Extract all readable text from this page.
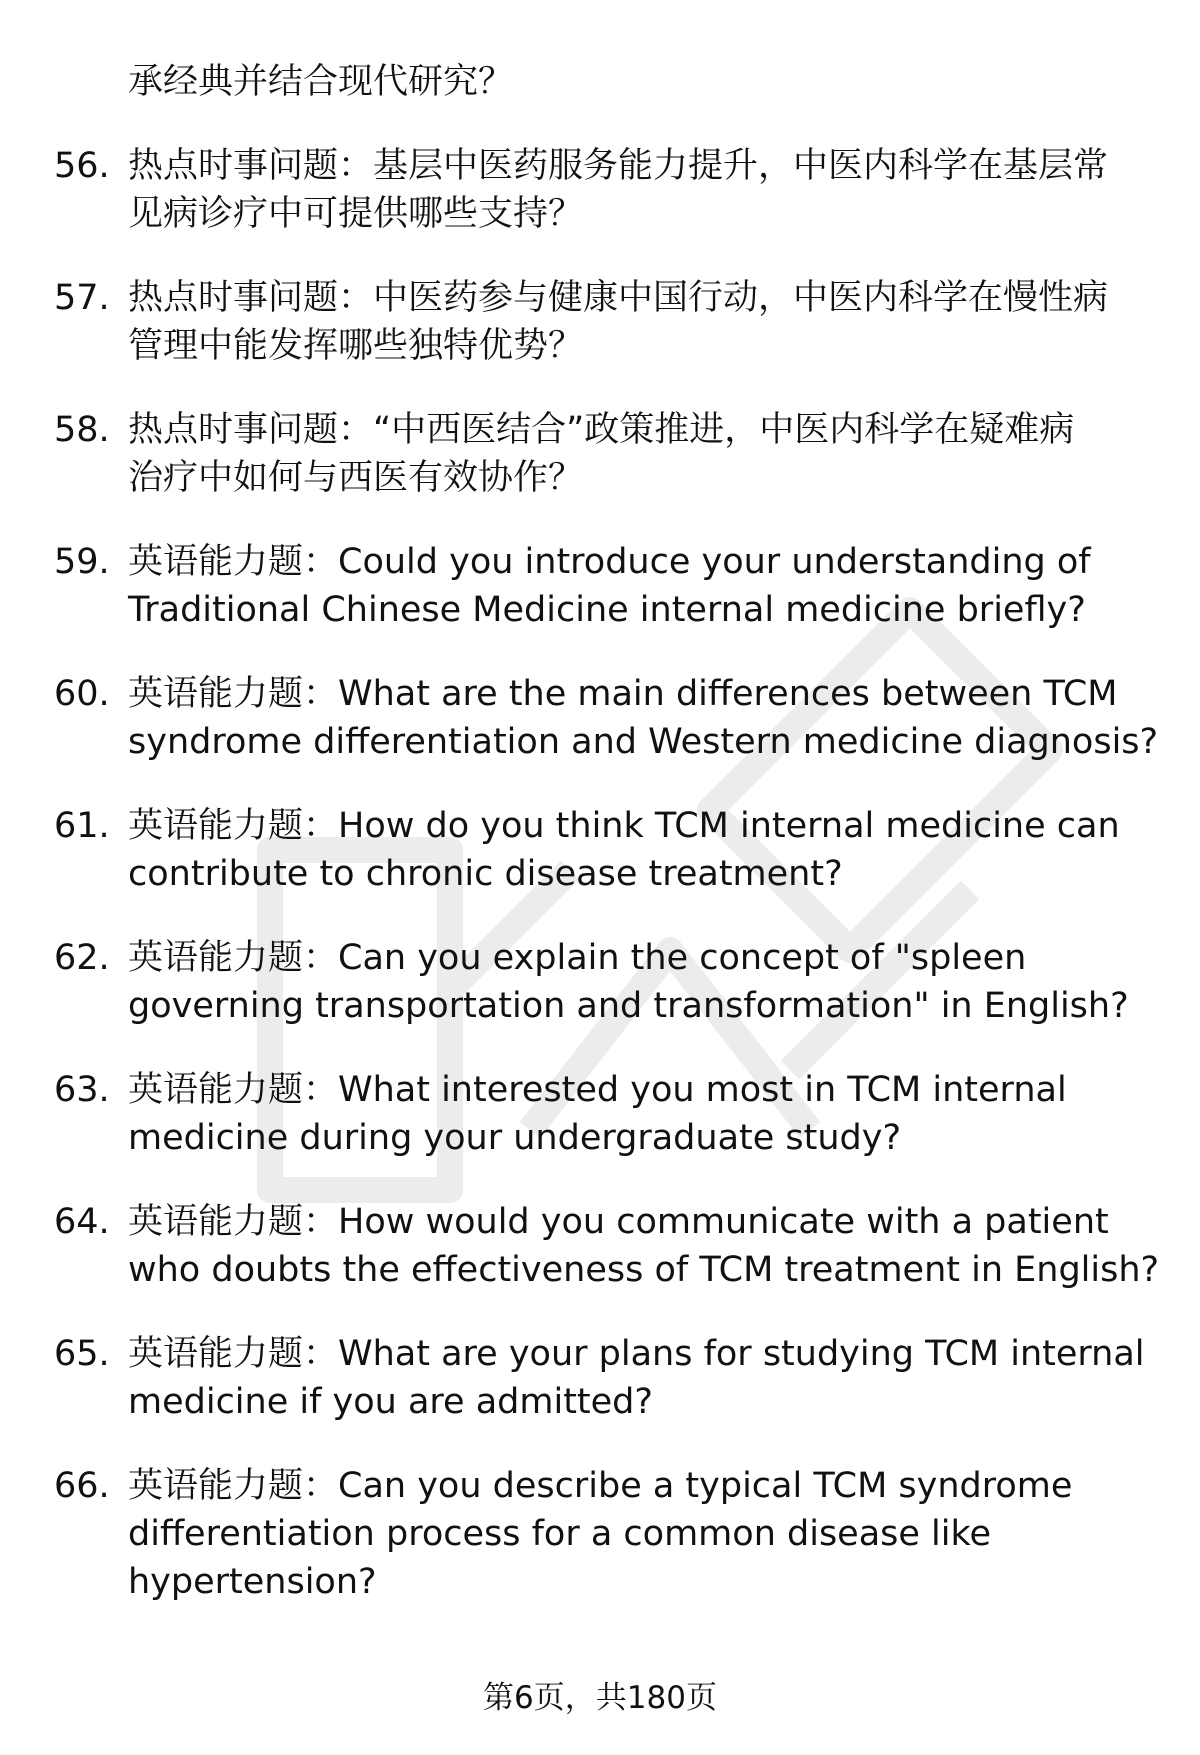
承经典并结合现代研究？
56. 热点时事问题：基层中医药服务能力提升，中医内科学在基层常
见病诊疗中可提供哪些支持？
57. 热点时事问题：中医药参与健康中国行动，中医内科学在慢性病
管理中能发挥哪些独特优势？
58. 热点时事问题：“中西医结合”政策推进，中医内科学在疑难病
治疗中如何与西医有效协作？
59. 英语能力题：Could you introduce your understanding of
Traditional Chinese Medicine internal medicine briefly?
60. 英语能力题：What are the main differences between TCM
syndrome differentiation and Western medicine diagnosis?
61. 英语能力题：How do you think TCM internal medicine can
contribute to chronic disease treatment?
62. 英语能力题：Can you explain the concept of "spleen
governing transportation and transformation" in English?
63. 英语能力题：What interested you most in TCM internal
medicine during your undergraduate study?
64. 英语能力题：How would you communicate with a patient
who doubts the effectiveness of TCM treatment in English?
65. 英语能力题：What are your plans for studying TCM internal
medicine if you are admitted?
66. 英语能力题：Can you describe a typical TCM syndrome
differentiation process for a common disease like
hypertension?
第6页，共180页
